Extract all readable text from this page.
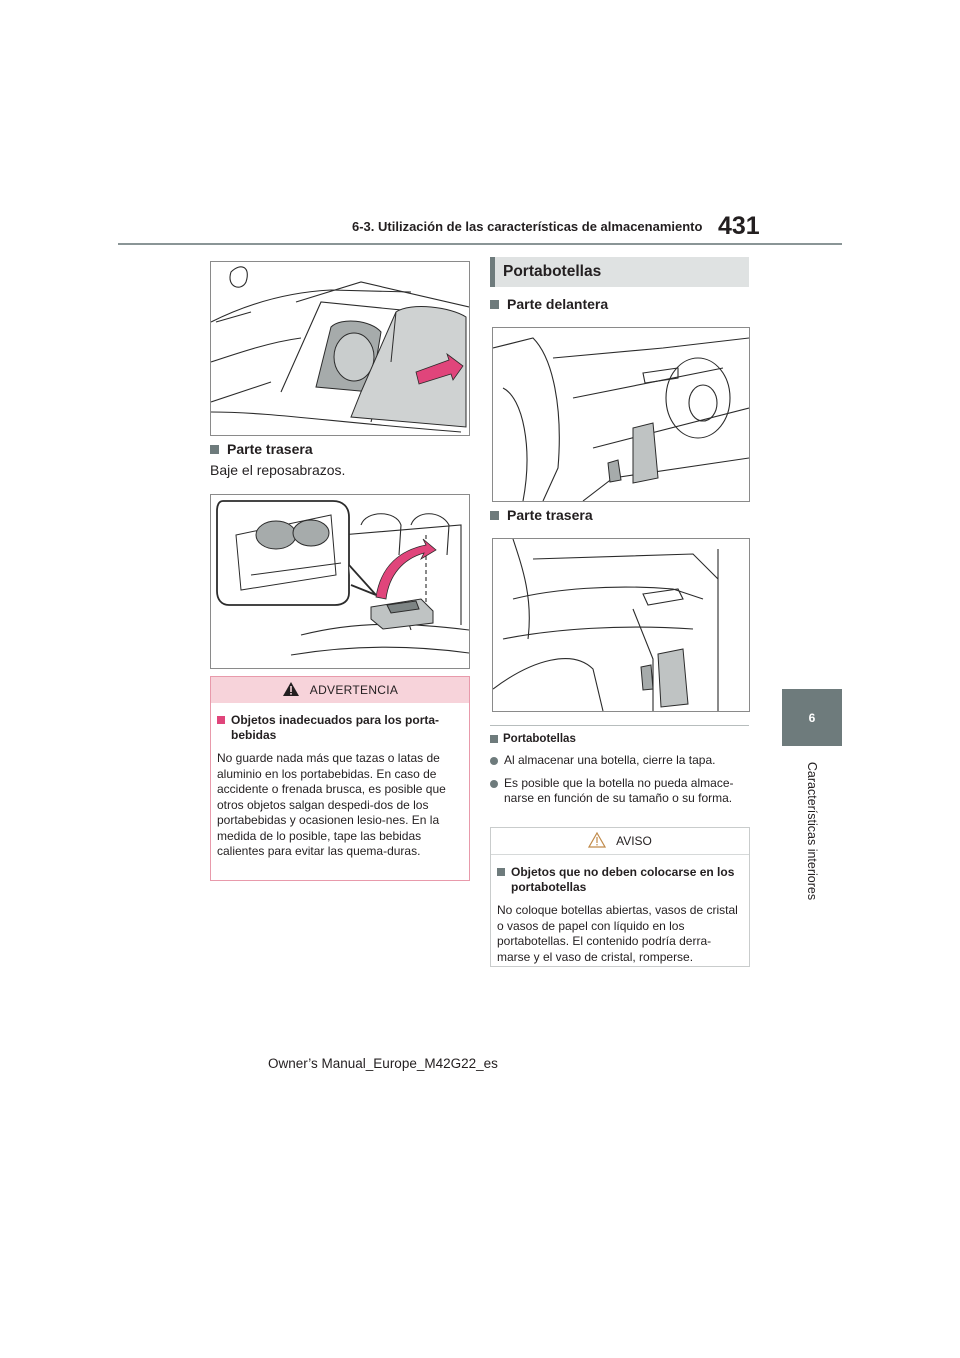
6-3. Utilización de las características de almacenamiento 431
6
Características interiores
Parte trasera
Baje el reposabrazos.
ADVERTENCIA
Objetos inadecuados para los porta-bebidas
No guarde nada más que tazas o latas de aluminio en los portabebidas. En caso de accidente o frenada brusca, es posible que otros objetos salgan despedi-dos de los portabebidas y ocasionen lesio-nes. En la medida de lo posible, tape las bebidas calientes para evitar las quema-duras.
Portabotellas
Parte delantera
Parte trasera
Portabotellas
Al almacenar una botella, cierre la tapa.
Es posible que la botella no pueda almace-narse en función de su tamaño o su forma.
AVISO
Objetos que no deben colocarse en los portabotellas
No coloque botellas abiertas, vasos de cristal o vasos de papel con líquido en los portabotellas. El contenido podría derra-marse y el vaso de cristal, romperse.
Owner’s Manual_Europe_M42G22_es
